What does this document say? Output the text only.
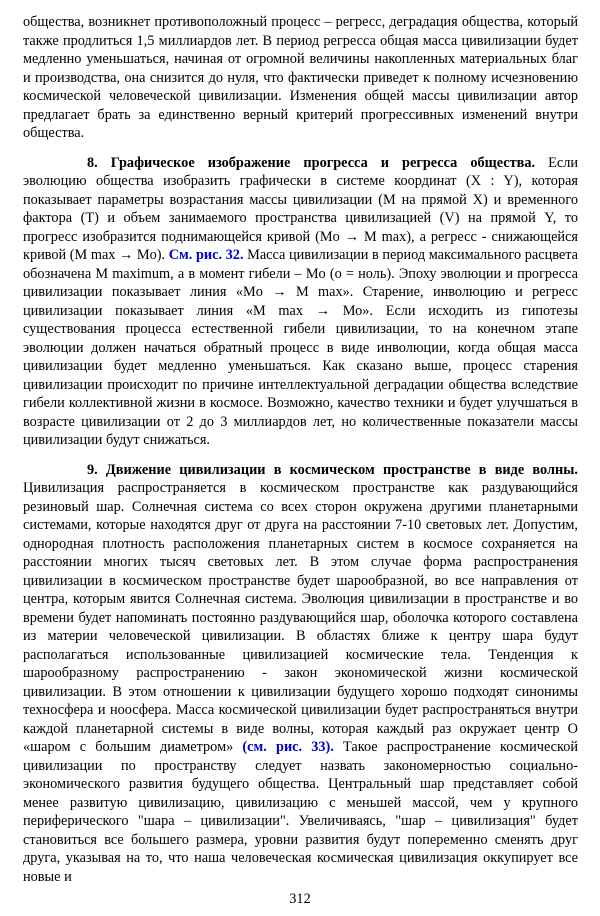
общества, возникнет противоположный процесс – регресс, деградация общества, который также продлиться 1,5 миллиардов лет. В период регресса общая масса цивилизации будет медленно уменьшаться, начиная от огромной величины накопленных материальных благ и производства, она снизится до нуля, что фактически приведет к полному исчезновению космической человеческой цивилизации. Изменения общей массы цивилизации автор предлагает брать за единственно верный критерий прогрессивных изменений внутри общества.

8. Графическое изображение прогресса и регресса общества. Если эволюцию общества изобразить графически в системе координат (X : Y), которая показывает параметры возрастания массы цивилизации (M на прямой X) и временного фактора (T) и объем занимаемого пространства цивилизацией (V) на прямой Y, то прогресс изобразится поднимающейся кривой (Mo → M max), а регресс - снижающейся кривой (M max → Mo). См. рис. 32. Масса цивилизации в период максимального расцвета обозначена M maximum, а в момент гибели – Mo (o = ноль). Эпоху эволюции и прогресса цивилизации показывает линия «Mo → M max». Старение, инволюцию и регресс цивилизации показывает линия «M max → Мо». Если исходить из гипотезы существования процесса естественной гибели цивилизации, то на конечном этапе эволюции должен начаться обратный процесс в виде инволюции, когда общая масса цивилизации будет медленно уменьшаться. Как сказано выше, процесс старения цивилизации происходит по причине интеллектуальной деградации общества вследствие гибели коллективной жизни в космосе. Возможно, качество техники и будет улучшаться в возрасте цивилизации от 2 до 3 миллиардов лет, но количественные показатели массы цивилизации будут снижаться.

9. Движение цивилизации в космическом пространстве в виде волны. Цивилизация распространяется в космическом пространстве как раздувающийся резиновый шар. Солнечная система со всех сторон окружена другими планетарными системами, которые находятся друг от друга на расстоянии 7-10 световых лет. Допустим, однородная плотность расположения планетарных систем в космосе сохраняется на расстоянии многих тысяч световых лет. В этом случае форма распространения цивилизации в космическом пространстве будет шарообразной, во все направления от центра, которым явится Солнечная система. Эволюция цивилизации в пространстве и во времени будет напоминать постоянно раздувающийся шар, оболочка которого составлена из материи человеческой цивилизации. В областях ближе к центру шара будут располагаться использованные цивилизацией космические тела. Тенденция к шарообразному распространению - закон экономической жизни космической цивилизации. В этом отношении к цивилизации будущего хорошо подходят синонимы техносфера и ноосфера. Масса космической цивилизации будет распространяться внутри каждой планетарной системы в виде волны, которая каждый раз окружает центр O «шаром с большим диаметром» (см. рис. 33). Такое распространение космической цивилизации по пространству следует назвать закономерностью социально-экономического развития будущего общества. Центральный шар представляет собой менее развитую цивилизацию, цивилизацию с меньшей массой, чем у крупного периферического "шара – цивилизации". Увеличиваясь, "шар – цивилизация" будет становиться все большего размера, уровни развития будут попеременно сменять друг друга, указывая на то, что наша человеческая космическая цивилизация оккупирует все новые и

312
